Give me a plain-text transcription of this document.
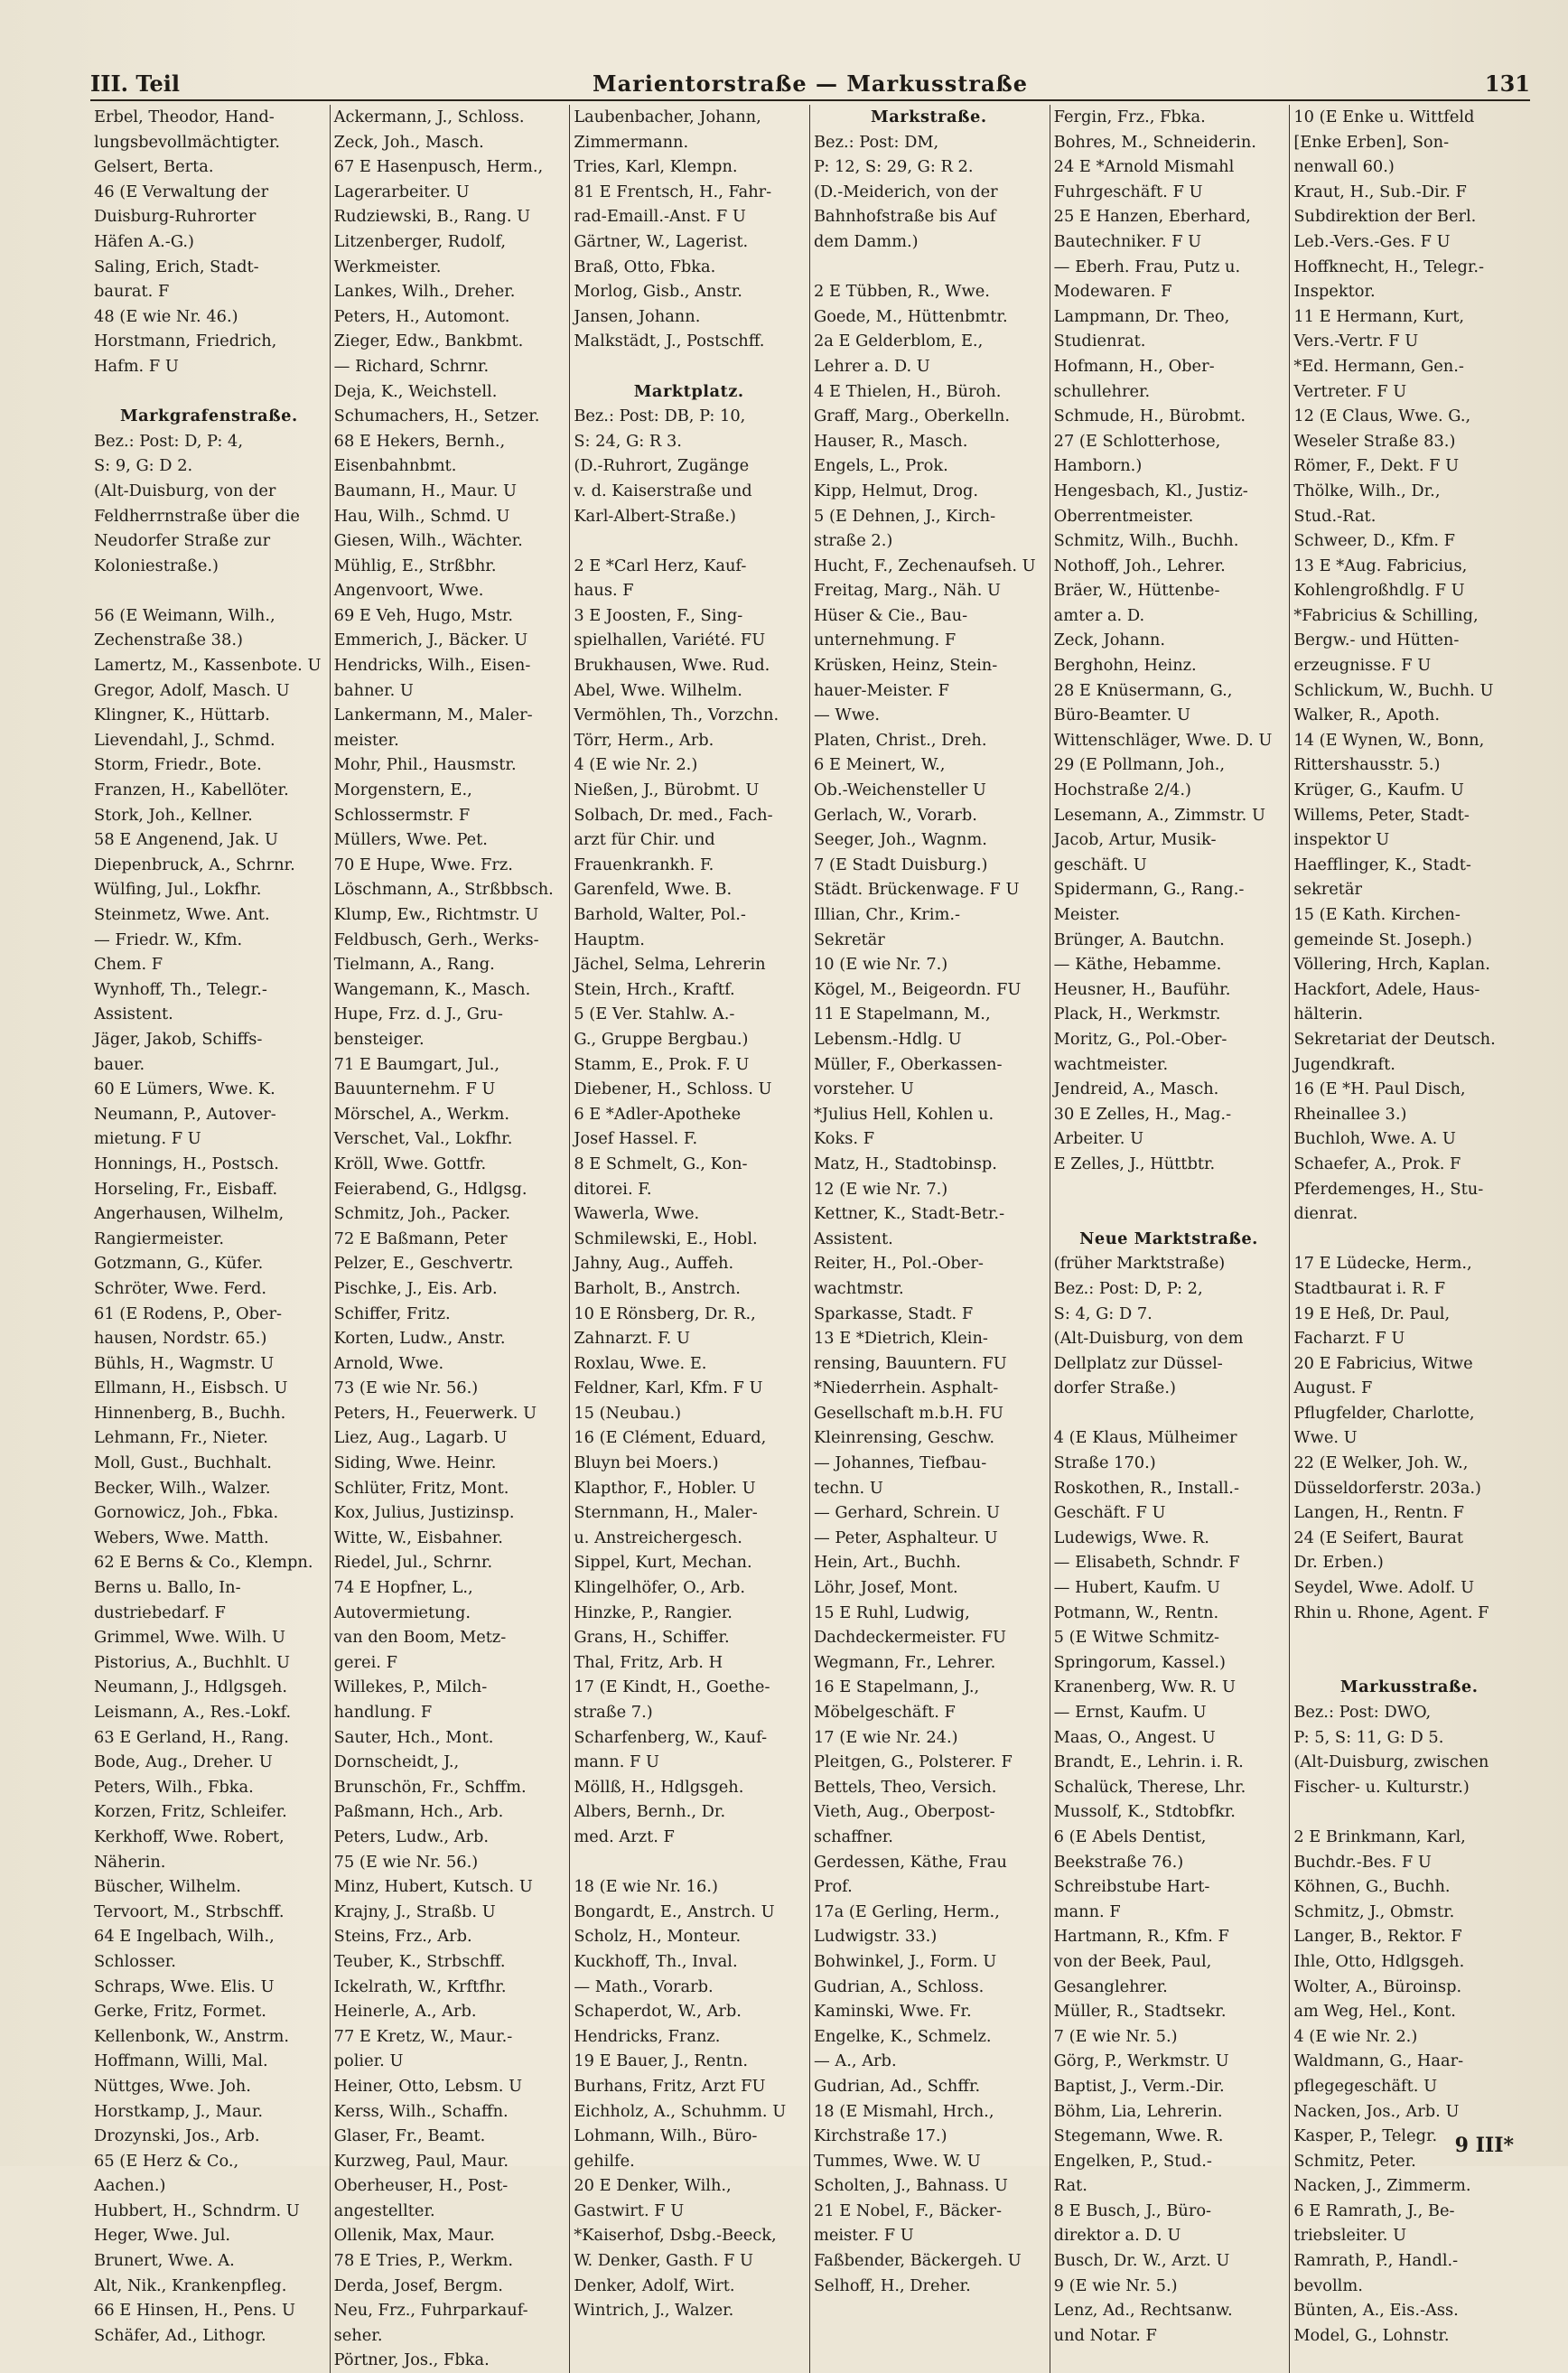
III. Teil	Marientorstraße — Markusstraße	131
Erbel, Theodor, Hand-
lungsbevollmächtigter.
Gelsert, Berta.
46 (E Verwaltung der
Duisburg-Ruhrorter
Häfen A.-G.)
Saling, Erich, Stadt-
baurat. F
48 (E wie Nr. 46.)
Horstmann, Friedrich,
Hafm. F U
Markgrafenstraße.
Bez.: Post: D, P: 4,
S: 9, G: D 2.
(Alt-Duisburg, von der
Feldherrnstraße über die
Neudorfer Straße zur
Koloniestraße.)
56 (E Weimann, Wilh.,
Zechenstraße 38.)
Lamertz, M., Kassenbote. U
Gregor, Adolf, Masch. U
Klingner, K., Hüttarb.
Lievendahl, J., Schmd.
Storm, Friedr., Bote.
Franzen, H., Kabellöter.
Stork, Joh., Kellner.
58 E Angenend, Jak. U
Diepenbruck, A., Schrnr.
Wülfing, Jul., Lokfhr.
Steinmetz, Wwe. Ant.
— Friedr. W., Kfm.
Chem. F
Wynhoff, Th., Telegr.-
Assistent.
Jäger, Jakob, Schiffs-
bauer.
60 E Lümers, Wwe. K.
Neumann, P., Autover-
mietung. F U
Honnings, H., Postsch.
Horseling, Fr., Eisbaff.
Angerhausen, Wilhelm,
Rangiermeister.
Gotzmann, G., Küfer.
Schröter, Wwe. Ferd.
61 (E Rodens, P., Ober-
hausen, Nordstr. 65.)
Bühls, H., Wagmstr. U
Ellmann, H., Eisbsch. U
Hinnenberg, B., Buchh.
Lehmann, Fr., Nieter.
Moll, Gust., Buchhalt.
Becker, Wilh., Walzer.
Gornowicz, Joh., Fbka.
Webers, Wwe. Matth.
62 E Berns & Co., Klempn.
Berns u. Ballo, In-
dustriebedarf. F
Grimmel, Wwe. Wilh. U
Pistorius, A., Buchhlt. U
Neumann, J., Hdlgsgeh.
Leismann, A., Res.-Lokf.
63 E Gerland, H., Rang.
Bode, Aug., Dreher. U
Peters, Wilh., Fbka.
Korzen, Fritz, Schleifer.
Kerkhoff, Wwe. Robert,
Näherin.
Büscher, Wilhelm.
Tervoort, M., Strbschff.
64 E Ingelbach, Wilh.,
Schlosser.
Schraps, Wwe. Elis. U
Gerke, Fritz, Formet.
Kellenbonk, W., Anstrm.
Hoffmann, Willi, Mal.
Nüttges, Wwe. Joh.
Horstkamp, J., Maur.
Drozynski, Jos., Arb.
65 (E Herz & Co.,
Aachen.)
Hubbert, H., Schndrm. U
Heger, Wwe. Jul.
Brunert, Wwe. A.
Alt, Nik., Krankenpfleg.
66 E Hinsen, H., Pens. U
Schäfer, Ad., Lithogr.
Ackermann, J., Schloss.
Zeck, Joh., Masch.
67 E Hasenpusch, Herm.,
Lagerarbeiter. U
Rudziewski, B., Rang. U
Litzenberger, Rudolf,
Werkmeister.
Lankes, Wilh., Dreher.
Peters, H., Automont.
Zieger, Edw., Bankbmt.
— Richard, Schrnr.
Deja, K., Weichstell.
Schumachers, H., Setzer.
68 E Hekers, Bernh.,
Eisenbahnbmt.
Baumann, H., Maur. U
Hau, Wilh., Schmd. U
Giesen, Wilh., Wächter.
Mühlig, E., Strßbhr.
Angenvoort, Wwe.
69 E Veh, Hugo, Mstr.
Emmerich, J., Bäcker. U
Hendricks, Wilh., Eisen-
bahner. U
Lankermann, M., Maler-
meister.
Mohr, Phil., Hausmstr.
Morgenstern, E.,
Schlossermstr. F
Müllers, Wwe. Pet.
70 E Hupe, Wwe. Frz.
Löschmann, A., Strßbbsch.
Klump, Ew., Richtmstr. U
Feldbusch, Gerh., Werks-
Tielmann, A., Rang.
Wangemann, K., Masch.
Hupe, Frz. d. J., Gru-
bensteiger.
71 E Baumgart, Jul.,
Bauunternehm. F U
Mörschel, A., Werkm.
Verschet, Val., Lokfhr.
Kröll, Wwe. Gottfr.
Feierabend, G., Hdlgsg.
Schmitz, Joh., Packer.
72 E Baßmann, Peter
Pelzer, E., Geschvertr.
Pischke, J., Eis. Arb.
Schiffer, Fritz.
Korten, Ludw., Anstr.
Arnold, Wwe.
73 (E wie Nr. 56.)
Peters, H., Feuerwerk. U
Liez, Aug., Lagarb. U
Siding, Wwe. Heinr.
Schlüter, Fritz, Mont.
Kox, Julius, Justizinsp.
Witte, W., Eisbahner.
Riedel, Jul., Schrnr.
74 E Hopfner, L.,
Autovermietung.
van den Boom, Metz-
gerei. F
Willekes, P., Milch-
handlung. F
Sauter, Hch., Mont.
Dornscheidt, J.,
Brunschön, Fr., Schffm.
Paßmann, Hch., Arb.
Peters, Ludw., Arb.
75 (E wie Nr. 56.)
Minz, Hubert, Kutsch. U
Krajny, J., Straßb. U
Steins, Frz., Arb.
Teuber, K., Strbschff.
Ickelrath, W., Krftfhr.
Heinerle, A., Arb.
77 E Kretz, W., Maur.-
polier. U
Heiner, Otto, Lebsm. U
Kerss, Wilh., Schaffn.
Glaser, Fr., Beamt.
Kurzweg, Paul, Maur.
Oberheuser, H., Post-
angestellter.
Ollenik, Max, Maur.
78 E Tries, P., Werkm.
Derda, Josef, Bergm.
Neu, Frz., Fuhrparkauf-
seher.
Pörtner, Jos., Fbka.
Laubenbacher, Johann,
Zimmermann.
Tries, Karl, Klempn.
81 E Frentsch, H., Fahr-
rad-Emaill.-Anst. F U
Gärtner, W., Lagerist.
Braß, Otto, Fbka.
Morlog, Gisb., Anstr.
Jansen, Johann.
Malkstädt, J., Postschff.
Marktplatz.
Bez.: Post: DB, P: 10,
S: 24, G: R 3.
(D.-Ruhrort, Zugänge
v. d. Kaiserstraße und
Karl-Albert-Straße.)
2 E *Carl Herz, Kauf-
haus. F
3 E Joosten, F., Sing-
spielhallen, Variété. FU
Brukhausen, Wwe. Rud.
Abel, Wwe. Wilhelm.
Vermöhlen, Th., Vorzchn.
Törr, Herm., Arb.
4 (E wie Nr. 2.)
Nießen, J., Bürobmt. U
Solbach, Dr. med., Fach-
arzt für Chir. und
Frauenkrankh. F.
Garenfeld, Wwe. B.
Barhold, Walter, Pol.-
Hauptm.
Jächel, Selma, Lehrerin
Stein, Hrch., Kraftf.
5 (E Ver. Stahlw. A.-
G., Gruppe Bergbau.)
Stamm, E., Prok. F. U
Diebener, H., Schloss. U
6 E *Adler-Apotheke
Josef Hassel. F.
8 E Schmelt, G., Kon-
ditorei. F.
Wawerla, Wwe.
Schmilewski, E., Hobl.
Jahny, Aug., Auffeh.
Barholt, B., Anstrch.
10 E Rönsberg, Dr. R.,
Zahnarzt. F. U
Roxlau, Wwe. E.
Feldner, Karl, Kfm. F U
15 (Neubau.)
16 (E Clément, Eduard,
Bluyn bei Moers.)
Klapthor, F., Hobler. U
Sternmann, H., Maler-
u. Anstreichergesch.
Sippel, Kurt, Mechan.
Klingelhöfer, O., Arb.
Hinzke, P., Rangier.
Grans, H., Schiffer.
Thal, Fritz, Arb. H
17 (E Kindt, H., Goethe-
straße 7.)
Scharfenberg, W., Kauf-
mann. F U
Möllß, H., Hdlgsgeh.
Albers, Bernh., Dr.
med. Arzt. F
18 (E wie Nr. 16.)
Bongardt, E., Anstrch. U
Scholz, H., Monteur.
Kuckhoff, Th., Inval.
— Math., Vorarb.
Schaperdot, W., Arb.
Hendricks, Franz.
19 E Bauer, J., Rentn.
Burhans, Fritz, Arzt FU
Eichholz, A., Schuhmm. U
Lohmann, Wilh., Büro-
gehilfe.
20 E Denker, Wilh.,
Gastwirt. F U
*Kaiserhof, Dsbg.-Beeck,
W. Denker, Gasth. F U
Denker, Adolf, Wirt.
Wintrich, J., Walzer.
Markstraße.
Bez.: Post: DM,
P: 12, S: 29, G: R 2.
(D.-Meiderich, von der
Bahnhofstraße bis Auf
dem Damm.)
2 E Tübben, R., Wwe.
Goede, M., Hüttenbmtr.
2a E Gelderblom, E.,
Lehrer a. D. U
4 E Thielen, H., Büroh.
Graff, Marg., Oberkelln.
Hauser, R., Masch.
Engels, L., Prok.
Kipp, Helmut, Drog.
5 (E Dehnen, J., Kirch-
straße 2.)
Hucht, F., Zechenaufseh. U
Freitag, Marg., Näh. U
Hüser & Cie., Bau-
unternehmung. F
Krüsken, Heinz, Stein-
hauer-Meister. F
— Wwe.
Platen, Christ., Dreh.
6 E Meinert, W.,
Ob.-Weichensteller U
Gerlach, W., Vorarb.
Seeger, Joh., Wagnm.
7 (E Stadt Duisburg.)
Städt. Brückenwage. F U
Illian, Chr., Krim.-
Sekretär
10 (E wie Nr. 7.)
Kögel, M., Beigeordn. FU
11 E Stapelmann, M.,
Lebensm.-Hdlg. U
Müller, F., Oberkassen-
vorsteher. U
*Julius Hell, Kohlen u.
Koks. F
Matz, H., Stadtobinsp.
12 (E wie Nr. 7.)
Kettner, K., Stadt-Betr.-
Assistent.
Reiter, H., Pol.-Ober-
wachtmstr.
Sparkasse, Stadt. F
13 E *Dietrich, Klein-
rensing, Bauuntern. FU
*Niederrhein. Asphalt-
Gesellschaft m.b.H. FU
Kleinrensing, Geschw.
— Johannes, Tiefbau-
techn. U
— Gerhard, Schrein. U
— Peter, Asphalteur. U
Hein, Art., Buchh.
Löhr, Josef, Mont.
15 E Ruhl, Ludwig,
Dachdeckermeister. FU
Wegmann, Fr., Lehrer.
16 E Stapelmann, J.,
Möbelgeschäft. F
17 (E wie Nr. 24.)
Pleitgen, G., Polsterer. F
Bettels, Theo, Versich.
Vieth, Aug., Oberpost-
schaffner.
Gerdessen, Käthe, Frau
Prof.
17a (E Gerling, Herm.,
Ludwigstr. 33.)
Bohwinkel, J., Form. U
Gudrian, A., Schloss.
Kaminski, Wwe. Fr.
Engelke, K., Schmelz.
— A., Arb.
Gudrian, Ad., Schffr.
18 (E Mismahl, Hrch.,
Kirchstraße 17.)
Tummes, Wwe. W. U
Scholten, J., Bahnass. U
21 E Nobel, F., Bäcker-
meister. F U
Faßbender, Bäckergeh. U
Selhoff, H., Dreher.
Fergin, Frz., Fbka.
Bohres, M., Schneiderin.
24 E *Arnold Mismahl
Fuhrgeschäft. F U
25 E Hanzen, Eberhard,
Bautechniker. F U
— Eberh. Frau, Putz u.
Modewaren. F
Lampmann, Dr. Theo,
Studienrat.
Hofmann, H., Ober-
schullehrer.
Schmude, H., Bürobmt.
27 (E Schlotterhose,
Hamborn.)
Hengesbach, Kl., Justiz-
Oberrentmeister.
Schmitz, Wilh., Buchh.
Nothoff, Joh., Lehrer.
Bräer, W., Hüttenbe-
amter a. D.
Zeck, Johann.
Berghohn, Heinz.
28 E Knüsermann, G.,
Büro-Beamter. U
Wittenschläger, Wwe. D. U
29 (E Pollmann, Joh.,
Hochstraße 2/4.)
Lesemann, A., Zimmstr. U
Jacob, Artur, Musik-
geschäft. U
Spidermann, G., Rang.-
Meister.
Brünger, A. Bautchn.
— Käthe, Hebamme.
Heusner, H., Bauführ.
Plack, H., Werkmstr.
Moritz, G., Pol.-Ober-
wachtmeister.
Jendreid, A., Masch.
30 E Zelles, H., Mag.-
Arbeiter. U
E Zelles, J., Hüttbtr.
Neue Marktstraße.
(früher Marktstraße)
Bez.: Post: D, P: 2,
S: 4, G: D 7.
(Alt-Duisburg, von dem
Dellplatz zur Düssel-
dorfer Straße.)
4 (E Klaus, Mülheimer
Straße 170.)
Roskothen, R., Install.-
Geschäft. F U
Ludewigs, Wwe. R.
— Elisabeth, Schndr. F
— Hubert, Kaufm. U
Potmann, W., Rentn.
5 (E Witwe Schmitz-
Springorum, Kassel.)
Kranenberg, Ww. R. U
— Ernst, Kaufm. U
Maas, O., Angest. U
Brandt, E., Lehrin. i. R.
Schalück, Therese, Lhr.
Mussolf, K., Stdtobfkr.
6 (E Abels Dentist,
Beekstraße 76.)
Schreibstube Hart-
mann. F
Hartmann, R., Kfm. F
von der Beek, Paul,
Gesanglehrer.
Müller, R., Stadtsekr.
7 (E wie Nr. 5.)
Görg, P., Werkmstr. U
Baptist, J., Verm.-Dir.
Böhm, Lia, Lehrerin.
Stegemann, Wwe. R.
Engelken, P., Stud.-
Rat.
8 E Busch, J., Büro-
direktor a. D. U
Busch, Dr. W., Arzt. U
9 (E wie Nr. 5.)
Lenz, Ad., Rechtsanw.
und Notar. F
10 (E Enke u. Wittfeld
[Enke Erben], Son-
nenwall 60.)
Kraut, H., Sub.-Dir. F
Subdirektion der Berl.
Leb.-Vers.-Ges. F U
Hoffknecht, H., Telegr.-
Inspektor.
11 E Hermann, Kurt,
Vers.-Vertr. F U
*Ed. Hermann, Gen.-
Vertreter. F U
12 (E Claus, Wwe. G.,
Weseler Straße 83.)
Römer, F., Dekt. F U
Thölke, Wilh., Dr.,
Stud.-Rat.
Schweer, D., Kfm. F
13 E *Aug. Fabricius,
Kohlengroßhdlg. F U
*Fabricius & Schilling,
Bergw.- und Hütten-
erzeugnisse. F U
Schlickum, W., Buchh. U
Walker, R., Apoth.
14 (E Wynen, W., Bonn,
Rittershausstr. 5.)
Krüger, G., Kaufm. U
Willems, Peter, Stadt-
inspektor U
Haefflinger, K., Stadt-
sekretär
15 (E Kath. Kirchen-
gemeinde St. Joseph.)
Völlering, Hrch, Kaplan.
Hackfort, Adele, Haus-
hälterin.
Sekretariat der Deutsch.
Jugendkraft.
16 (E *H. Paul Disch,
Rheinallee 3.)
Buchloh, Wwe. A. U
Schaefer, A., Prok. F
Pferdemenges, H., Stu-
dienrat.
17 E Lüdecke, Herm.,
Stadtbaurat i. R. F
19 E Heß, Dr. Paul,
Facharzt. F U
20 E Fabricius, Witwe
August. F
Pflugfelder, Charlotte,
Wwe. U
22 (E Welker, Joh. W.,
Düsseldorferstr. 203a.)
Langen, H., Rentn. F
24 (E Seifert, Baurat
Dr. Erben.)
Seydel, Wwe. Adolf. U
Rhin u. Rhone, Agent. F
Markusstraße.
Bez.: Post: DWO,
P: 5, S: 11, G: D 5.
(Alt-Duisburg, zwischen
Fischer- u. Kulturstr.)
2 E Brinkmann, Karl,
Buchdr.-Bes. F U
Köhnen, G., Buchh.
Schmitz, J., Obmstr.
Langer, B., Rektor. F
Ihle, Otto, Hdlgsgeh.
Wolter, A., Büroinsp.
am Weg, Hel., Kont.
4 (E wie Nr. 2.)
Waldmann, G., Haar-
pflegegeschäft. U
Nacken, Jos., Arb. U
Kasper, P., Telegr.
Schmitz, Peter.
Nacken, J., Zimmerm.
6 E Ramrath, J., Be-
triebsleiter. U
Ramrath, P., Handl.-
bevollm.
Bünten, A., Eis.-Ass.
Model, G., Lohnstr.
9 III*
